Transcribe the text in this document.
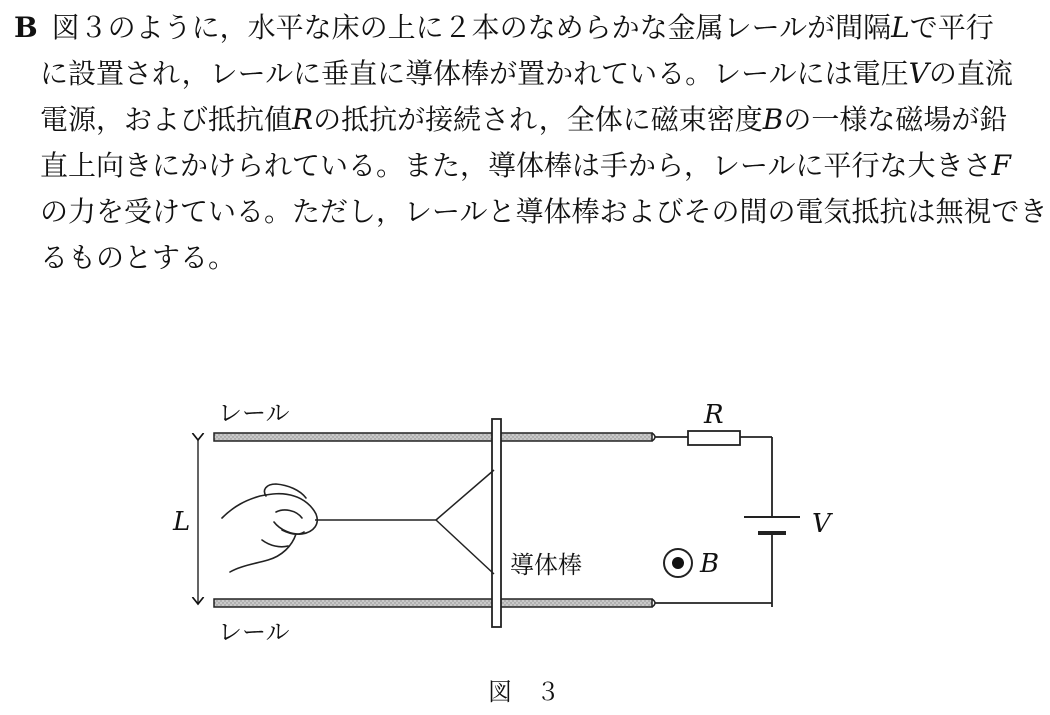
B 図３のように，水平な床の上に２本のなめらかな金属レールが間隔Lで平行
に設置され，レールに垂直に導体棒が置かれている。レールには電圧Vの直流
電源，および抵抗値Rの抵抗が接続され，全体に磁束密度Bの一様な磁場が鉛
直上向きにかけられている。また，導体棒は手から，レールに平行な大きさF
の力を受けている。ただし，レールと導体棒およびその間の電気抵抗は無視でき
るものとする。
レール
レール
L
R
V
導体棒	B
図　３
